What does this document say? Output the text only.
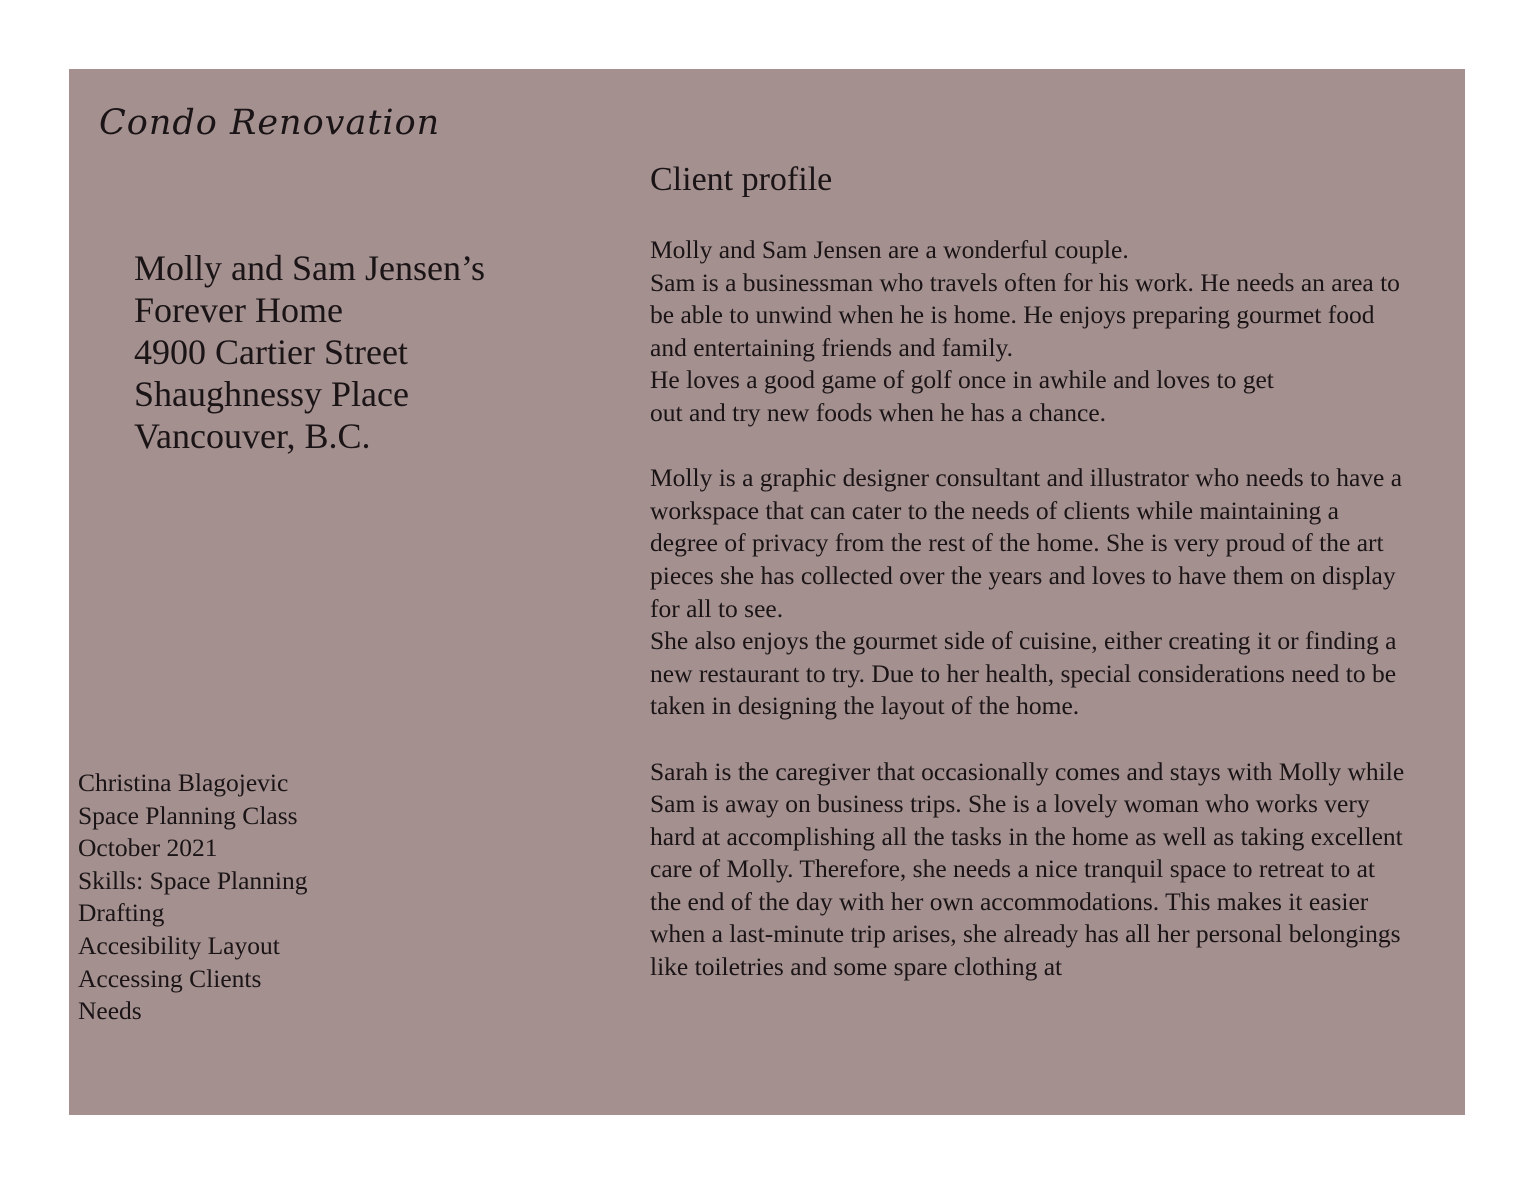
Condo Renovation
Molly and Sam Jensen’s
Forever Home
4900 Cartier Street
Shaughnessy Place
Vancouver, B.C.
Christina Blagojevic
Space Planning Class
October 2021
Skills: Space Planning
Drafting
Accesibility Layout
Accessing Clients
Needs
Client profile
Molly and Sam Jensen are a wonderful couple.
Sam is a businessman who travels often for his work. He needs an area to
be able to unwind when he is home. He enjoys preparing gourmet food
and entertaining friends and family.
He loves a good game of golf once in awhile and loves to get
out and try new foods when he has a chance.
Molly is a graphic designer consultant and illustrator who needs to have a
workspace that can cater to the needs of clients while maintaining a
degree of privacy from the rest of the home. She is very proud of the art
pieces she has collected over the years and loves to have them on display
for all to see.
She also enjoys the gourmet side of cuisine, either creating it or finding a
new restaurant to try. Due to her health, special considerations need to be
taken in designing the layout of the home.
Sarah is the caregiver that occasionally comes and stays with Molly while
Sam is away on business trips. She is a lovely woman who works very
hard at accomplishing all the tasks in the home as well as taking excellent
care of Molly. Therefore, she needs a nice tranquil space to retreat to at
the end of the day with her own accommodations. This makes it easier
when a last-minute trip arises, she already has all her personal belongings
like toiletries and some spare clothing at
